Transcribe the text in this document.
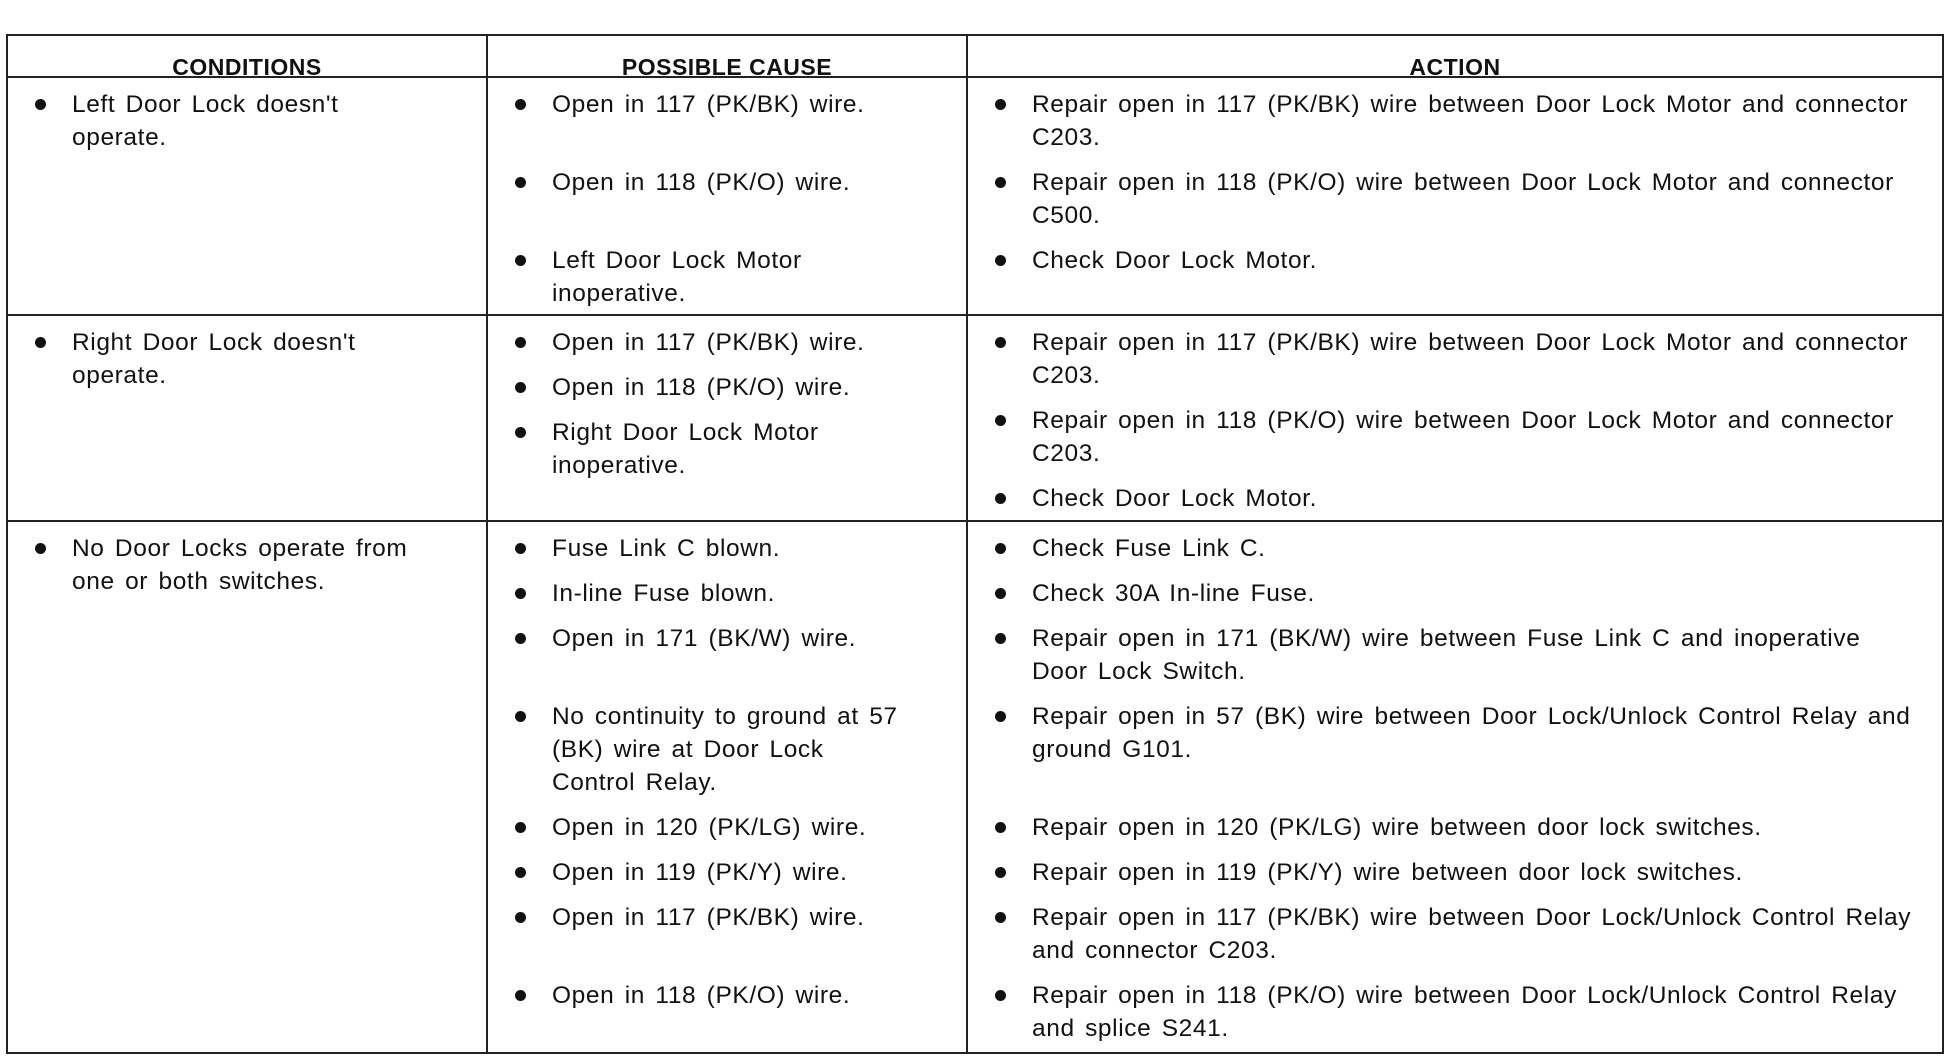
CONDITIONS	POSSIBLE CAUSE	ACTION
Left Door Lock doesn't operate.
Open in 117 (PK/BK) wire.
Open in 118 (PK/O) wire.
Left Door Lock Motor inoperative.
Repair open in 117 (PK/BK) wire between Door Lock Motor and connector C203.
Repair open in 118 (PK/O) wire between Door Lock Motor and connector C500.
Check Door Lock Motor.
Right Door Lock doesn't operate.
Open in 117 (PK/BK) wire.
Open in 118 (PK/O) wire.
Right Door Lock Motor inoperative.
Repair open in 117 (PK/BK) wire between Door Lock Motor and connector C203.
Repair open in 118 (PK/O) wire between Door Lock Motor and connector C203.
Check Door Lock Motor.
No Door Locks operate from one or both switches.
Fuse Link C blown.
In-line Fuse blown.
Open in 171 (BK/W) wire.
No continuity to ground at 57 (BK) wire at Door Lock Control Relay.
Open in 120 (PK/LG) wire.
Open in 119 (PK/Y) wire.
Open in 117 (PK/BK) wire.
Open in 118 (PK/O) wire.
Check Fuse Link C.
Check 30A In-line Fuse.
Repair open in 171 (BK/W) wire between Fuse Link C and inoperative Door Lock Switch.
Repair open in 57 (BK) wire between Door Lock/Unlock Control Relay and ground G101.
Repair open in 120 (PK/LG) wire between door lock switches.
Repair open in 119 (PK/Y) wire between door lock switches.
Repair open in 117 (PK/BK) wire between Door Lock/Unlock Control Relay and connector C203.
Repair open in 118 (PK/O) wire between Door Lock/Unlock Control Relay and splice S241.
